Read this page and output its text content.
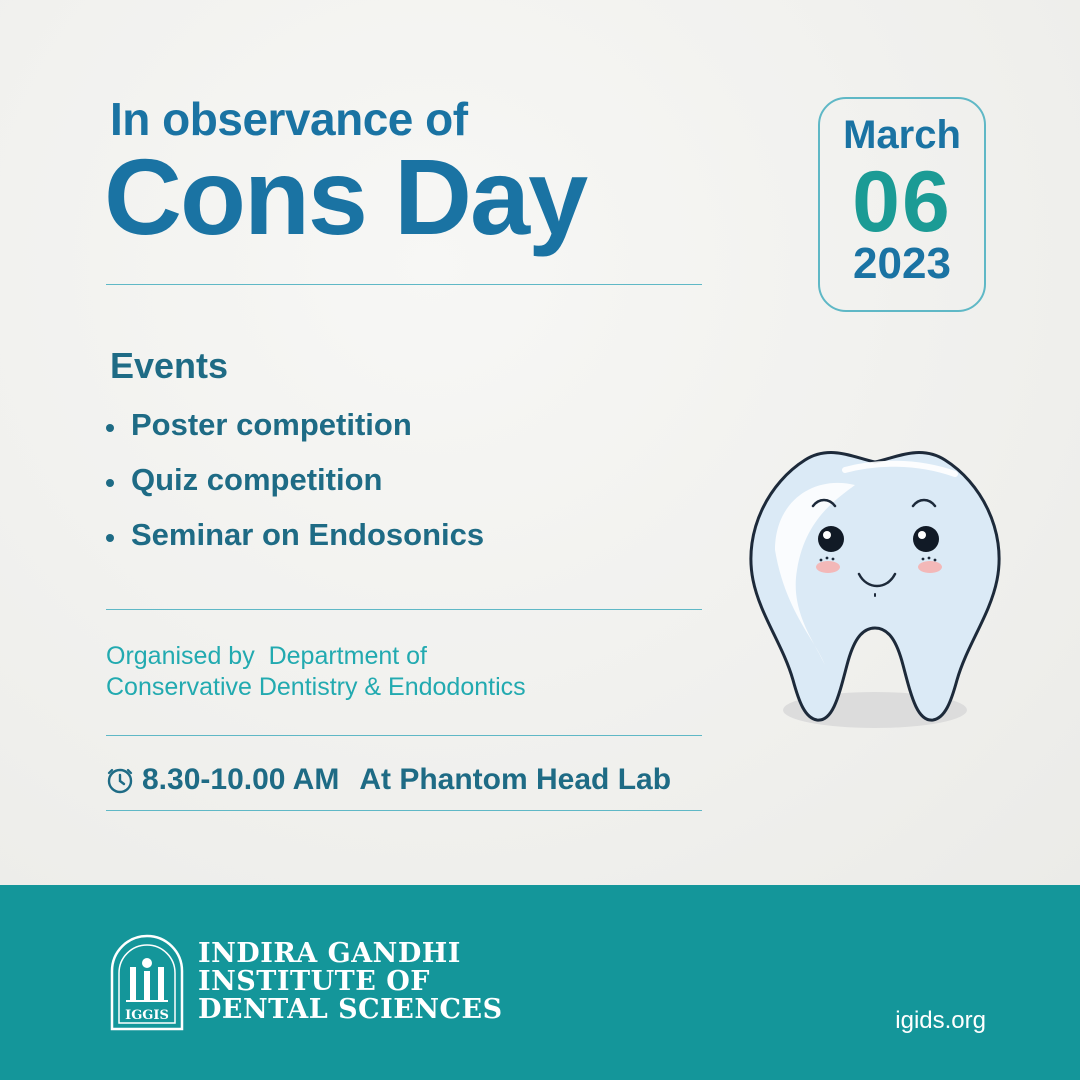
In observance of
Cons Day
March
06
2023
Events
Poster competition
Quiz competition
Seminar on Endosonics
Organised by  Department of
Conservative Dentistry & Endodontics
8.30-10.00 AM At Phantom Head Lab
IGGIS
INDIRA GANDHI
INSTITUTE OF
DENTAL SCIENCES	igids.org
